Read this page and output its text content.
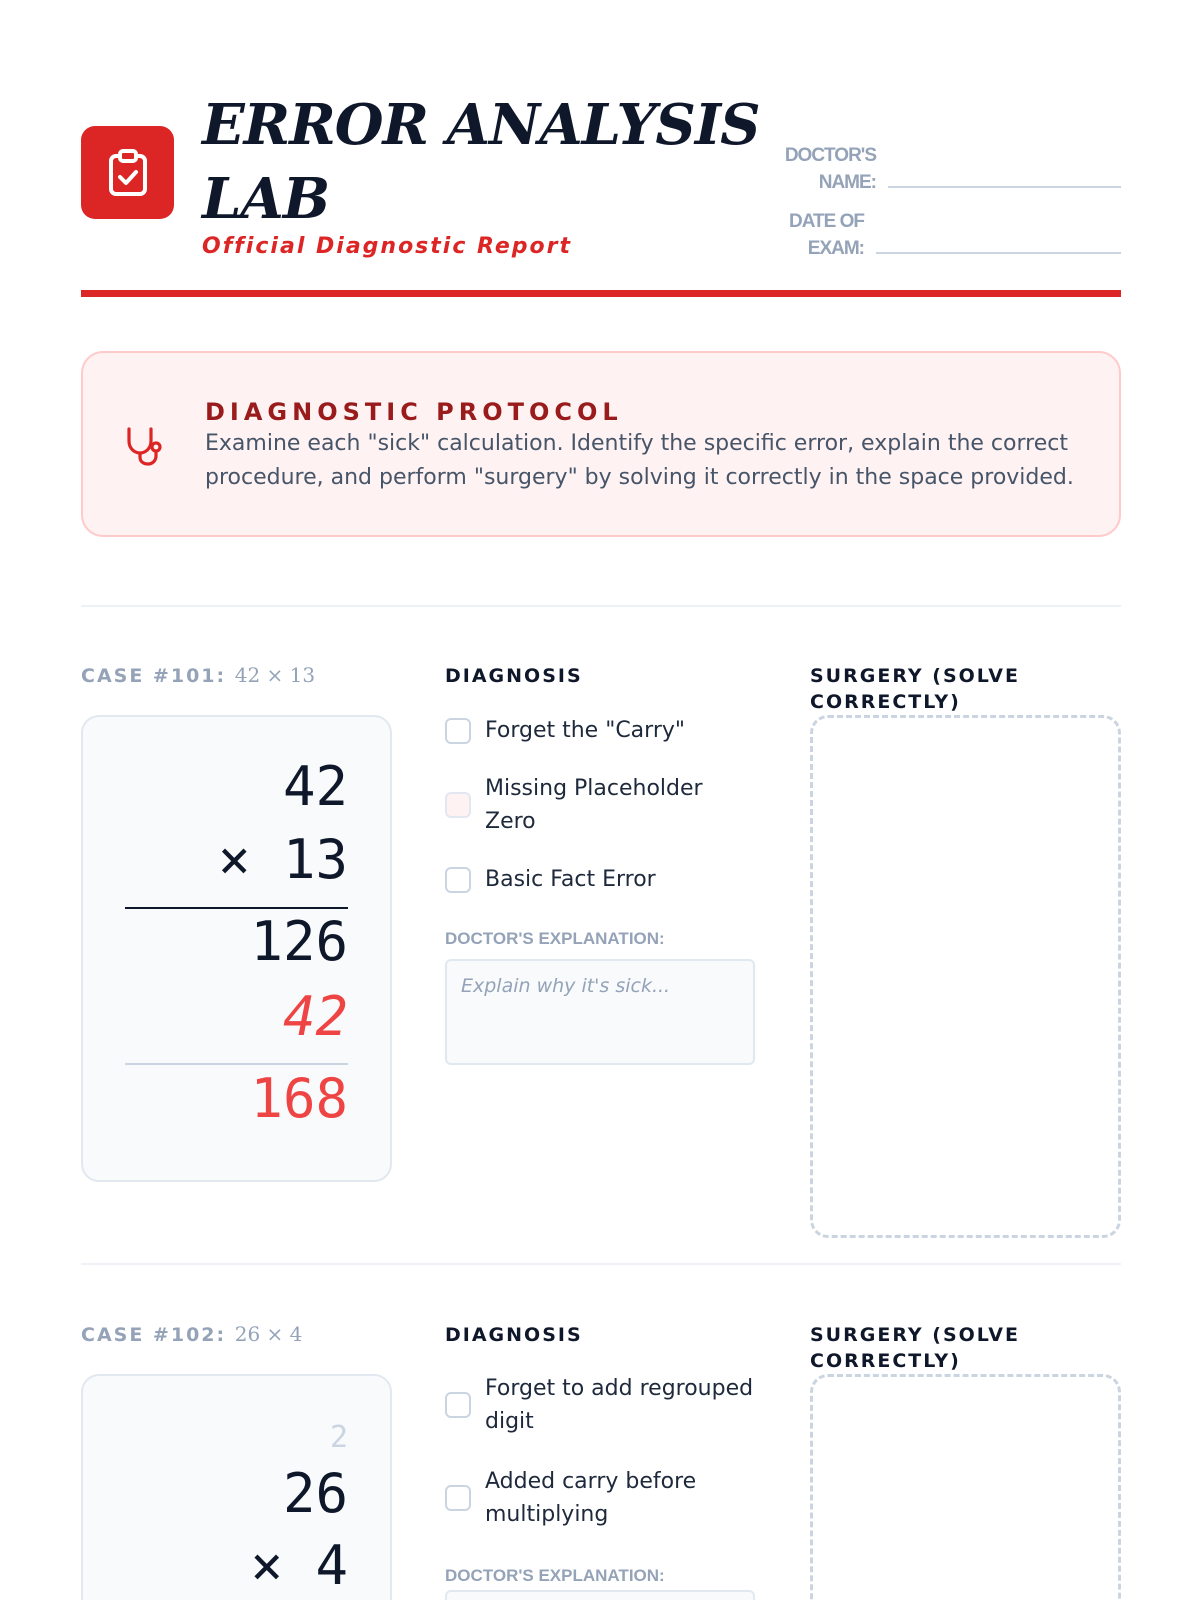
ERROR ANALYSIS LAB
Official Diagnostic Report
DOCTOR'S NAME:
DATE OF EXAM:
DIAGNOSTIC PROTOCOL
Examine each "sick" calculation. Identify the specific error, explain the correct procedure, and perform "surgery" by solving it correctly in the space provided.
CASE #101: 42 × 13
42
× 13
126
42
168
DIAGNOSIS
Forget the "Carry"
Missing Placeholder Zero
Basic Fact Error
DOCTOR'S EXPLANATION:
Explain why it's sick...
SURGERY (SOLVE CORRECTLY)
CASE #102: 26 × 4
2
26
× 4
DIAGNOSIS
Forget to add regrouped digit
Added carry before multiplying
DOCTOR'S EXPLANATION:
Explain why it's sick...
SURGERY (SOLVE CORRECTLY)
